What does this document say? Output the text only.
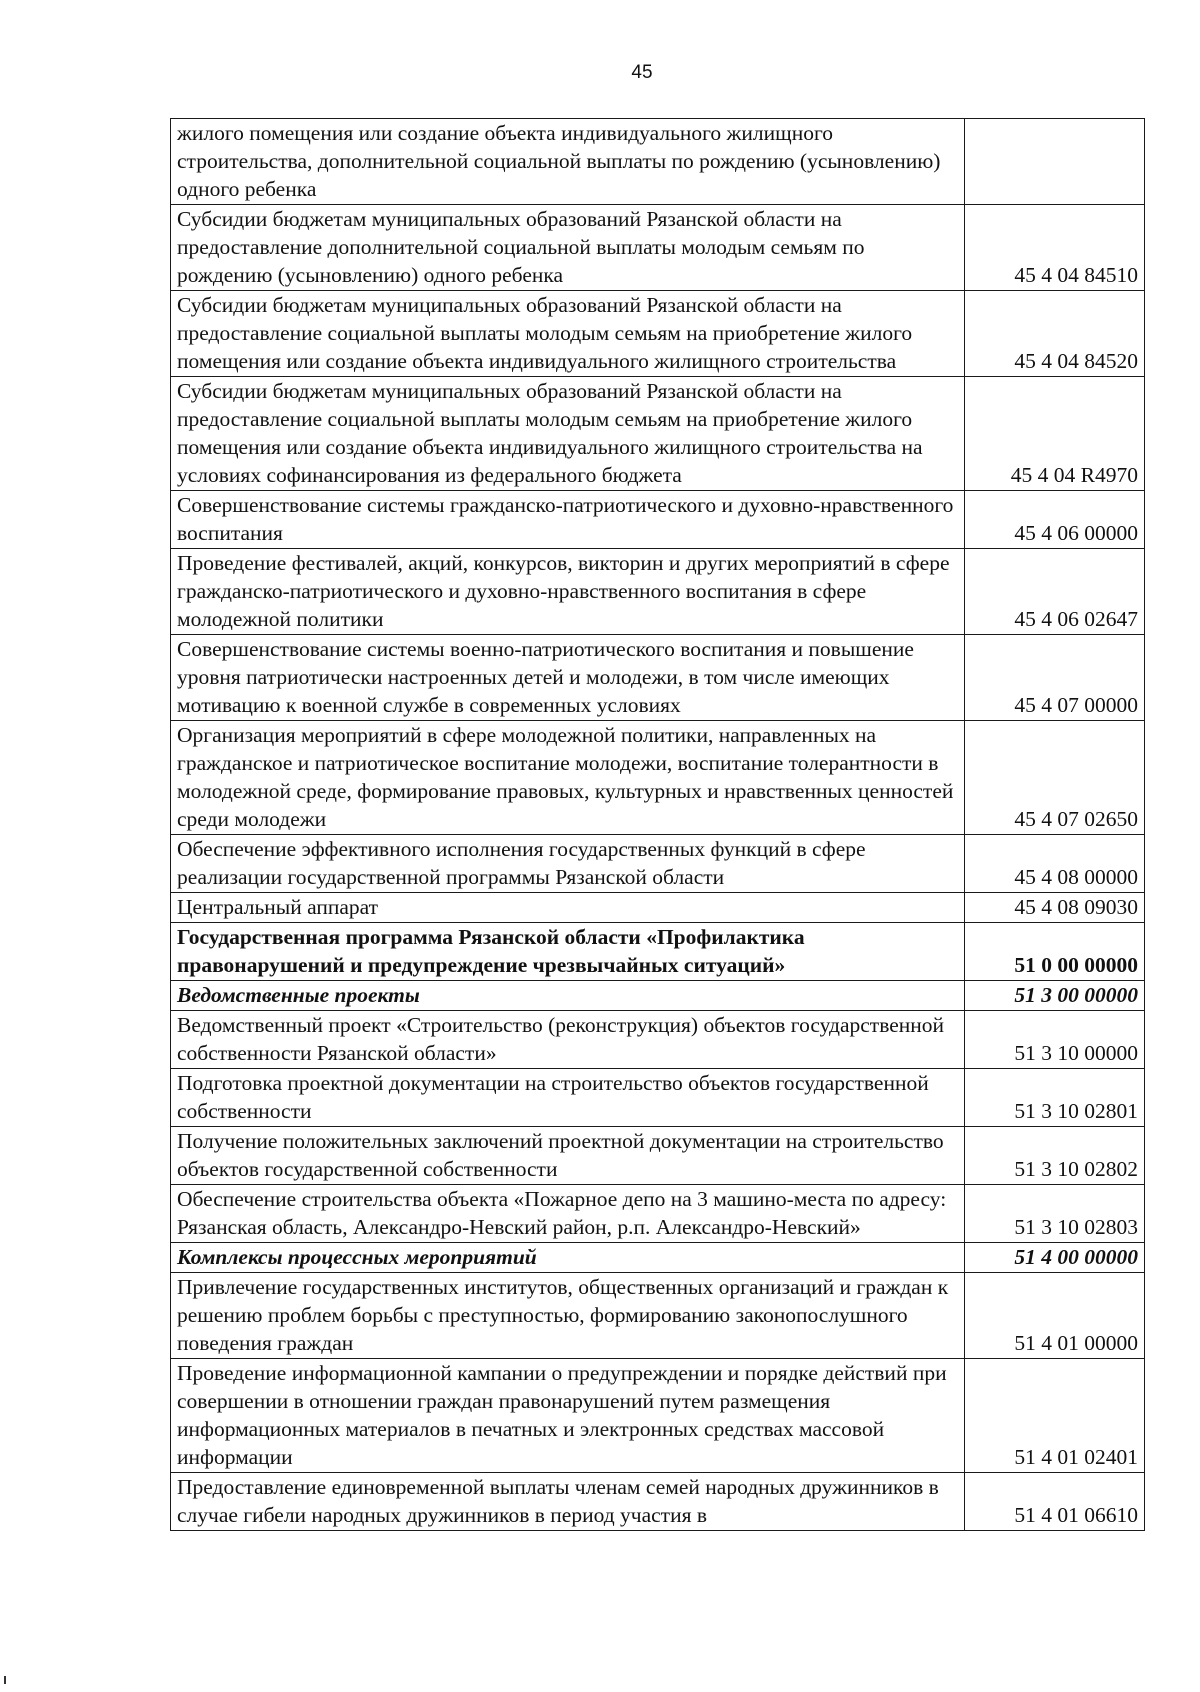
45
жилого помещения или создание объекта индивидуального жилищного строительства, дополнительной социальной выплаты по рождению (усыновлению) одного ребенка	
Субсидии бюджетам муниципальных образований Рязанской области на предоставление дополнительной социальной выплаты молодым семьям по рождению (усыновлению) одного ребенка	45 4 04 84510
Субсидии бюджетам муниципальных образований Рязанской области на предоставление социальной выплаты молодым семьям на приобретение жилого помещения или создание объекта индивидуального жилищного строительства	45 4 04 84520
Субсидии бюджетам муниципальных образований Рязанской области на предоставление социальной выплаты молодым семьям на приобретение жилого помещения или создание объекта индивидуального жилищного строительства на условиях софинансирования из федерального бюджета	45 4 04 R4970
Совершенствование системы гражданско-патриотического и духовно-нравственного воспитания	45 4 06 00000
Проведение фестивалей, акций, конкурсов, викторин и других мероприятий в сфере гражданско-патриотического и духовно-нравственного воспитания в сфере молодежной политики	45 4 06 02647
Совершенствование системы военно-патриотического воспитания и повышение уровня патриотически настроенных детей и молодежи, в том числе имеющих мотивацию к военной службе в современных условиях	45 4 07 00000
Организация мероприятий в сфере молодежной политики, направленных на гражданское и патриотическое воспитание молодежи, воспитание толерантности в молодежной среде, формирование правовых, культурных и нравственных ценностей среди молодежи	45 4 07 02650
Обеспечение эффективного исполнения государственных функций в сфере реализации государственной программы Рязанской области	45 4 08 00000
Центральный аппарат	45 4 08 09030
Государственная программа Рязанской области «Профилактика правонарушений и предупреждение чрезвычайных ситуаций»	51 0 00 00000
Ведомственные проекты	51 3 00 00000
Ведомственный проект «Строительство (реконструкция) объектов государственной собственности Рязанской области»	51 3 10 00000
Подготовка проектной документации на строительство объектов государственной собственности	51 3 10 02801
Получение положительных заключений проектной документации на строительство объектов государственной собственности	51 3 10 02802
Обеспечение строительства объекта «Пожарное депо на 3 машино-места по адресу: Рязанская область, Александро-Невский район, р.п. Александро-Невский»	51 3 10 02803
Комплексы процессных мероприятий	51 4 00 00000
Привлечение государственных институтов, общественных организаций и граждан к решению проблем борьбы с преступностью, формированию законопослушного поведения граждан	51 4 01 00000
Проведение информационной кампании о предупреждении и порядке действий при совершении в отношении граждан правонарушений путем размещения информационных материалов в печатных и электронных средствах массовой информации	51 4 01 02401
Предоставление единовременной выплаты членам семей народных дружинников в случае гибели народных дружинников в период участия в	51 4 01 06610
